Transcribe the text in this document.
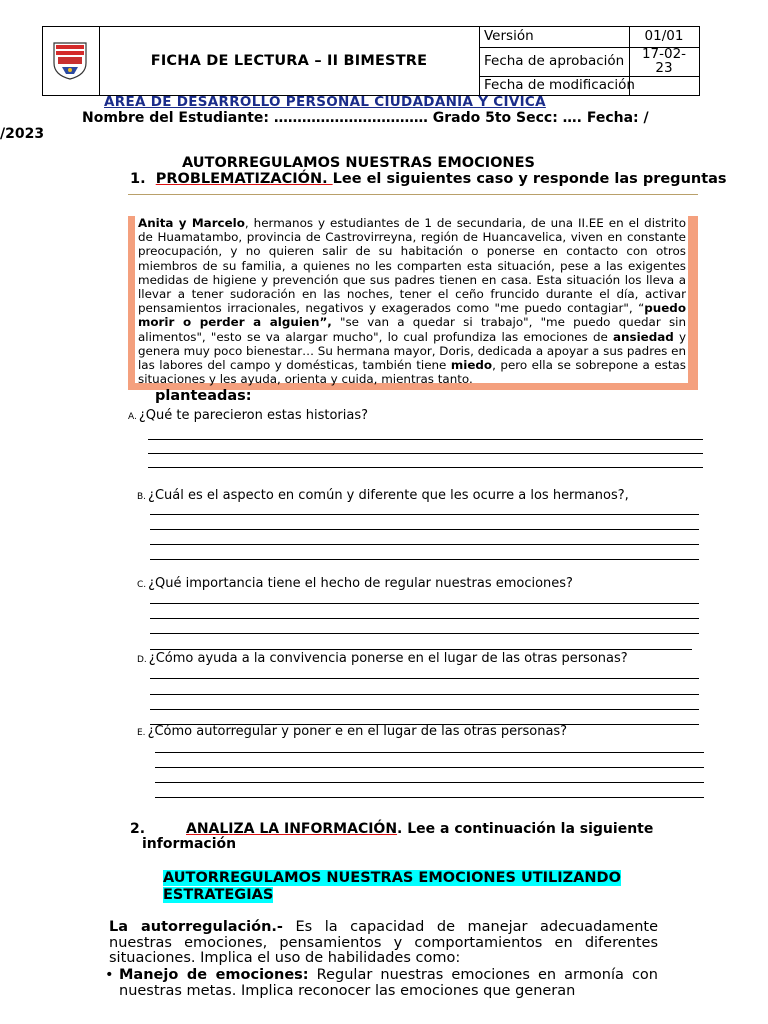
FICHA DE LECTURA – II BIMESTRE
Versión
Fecha de aprobación
Fecha de modificación
01/01
17-02-
23
AREA DE DESARROLLO PERSONAL CIUDADANIA Y CIVICA
Nombre del Estudiante: …………………………… Grado 5to Secc: …. Fecha: /
/2023
AUTORREGULAMOS NUESTRAS EMOCIONES
1. PROBLEMATIZACIÓN. Lee el siguientes caso y responde las preguntas
Anita y Marcelo, hermanos y estudiantes de 1 de secundaria, de una II.EE en el distrito de Huamatambo, provincia de Castrovirreyna, región de Huancavelica, viven en constante preocupación, y no quieren salir de su habitación o ponerse en contacto con otros miembros de su familia, a quienes no les comparten esta situación, pese a las exigentes medidas de higiene y prevención que sus padres tienen en casa. Esta situación los lleva a llevar a tener sudoración en las noches, tener el ceño fruncido durante el día, activar pensamientos irracionales, negativos y exagerados como "me puedo contagiar", “puedo morir o perder a alguien”, "se van a quedar si trabajo", "me puedo quedar sin alimentos", "esto se va alargar mucho", lo cual profundiza las emociones de ansiedad y genera muy poco bienestar… Su hermana mayor, Doris, dedicada a apoyar a sus padres en las labores del campo y domésticas, también tiene miedo, pero ella se sobrepone a estas situaciones y les ayuda, orienta y cuida, mientras tanto.
planteadas:
A. ¿Qué te parecieron estas historias?
B. ¿Cuál es el aspecto en común y diferente que les ocurre a los hermanos?,
C. ¿Qué importancia tiene el hecho de regular nuestras emociones?
D. ¿Cómo ayuda a la convivencia ponerse en el lugar de las otras personas?
E. ¿Cómo autorregular y poner e en el lugar de las otras personas?
2.	ANALIZA LA INFORMACIÓN. Lee a continuación la siguiente
información
AUTORREGULAMOS NUESTRAS EMOCIONES UTILIZANDO ESTRATEGIAS
La autorregulación.- Es la capacidad de manejar adecuadamente nuestras emociones, pensamientos y comportamientos en diferentes situaciones. Implica el uso de habilidades como:
• Manejo de emociones: Regular nuestras emociones en armonía con nuestras metas. Implica reconocer las emociones que generan
